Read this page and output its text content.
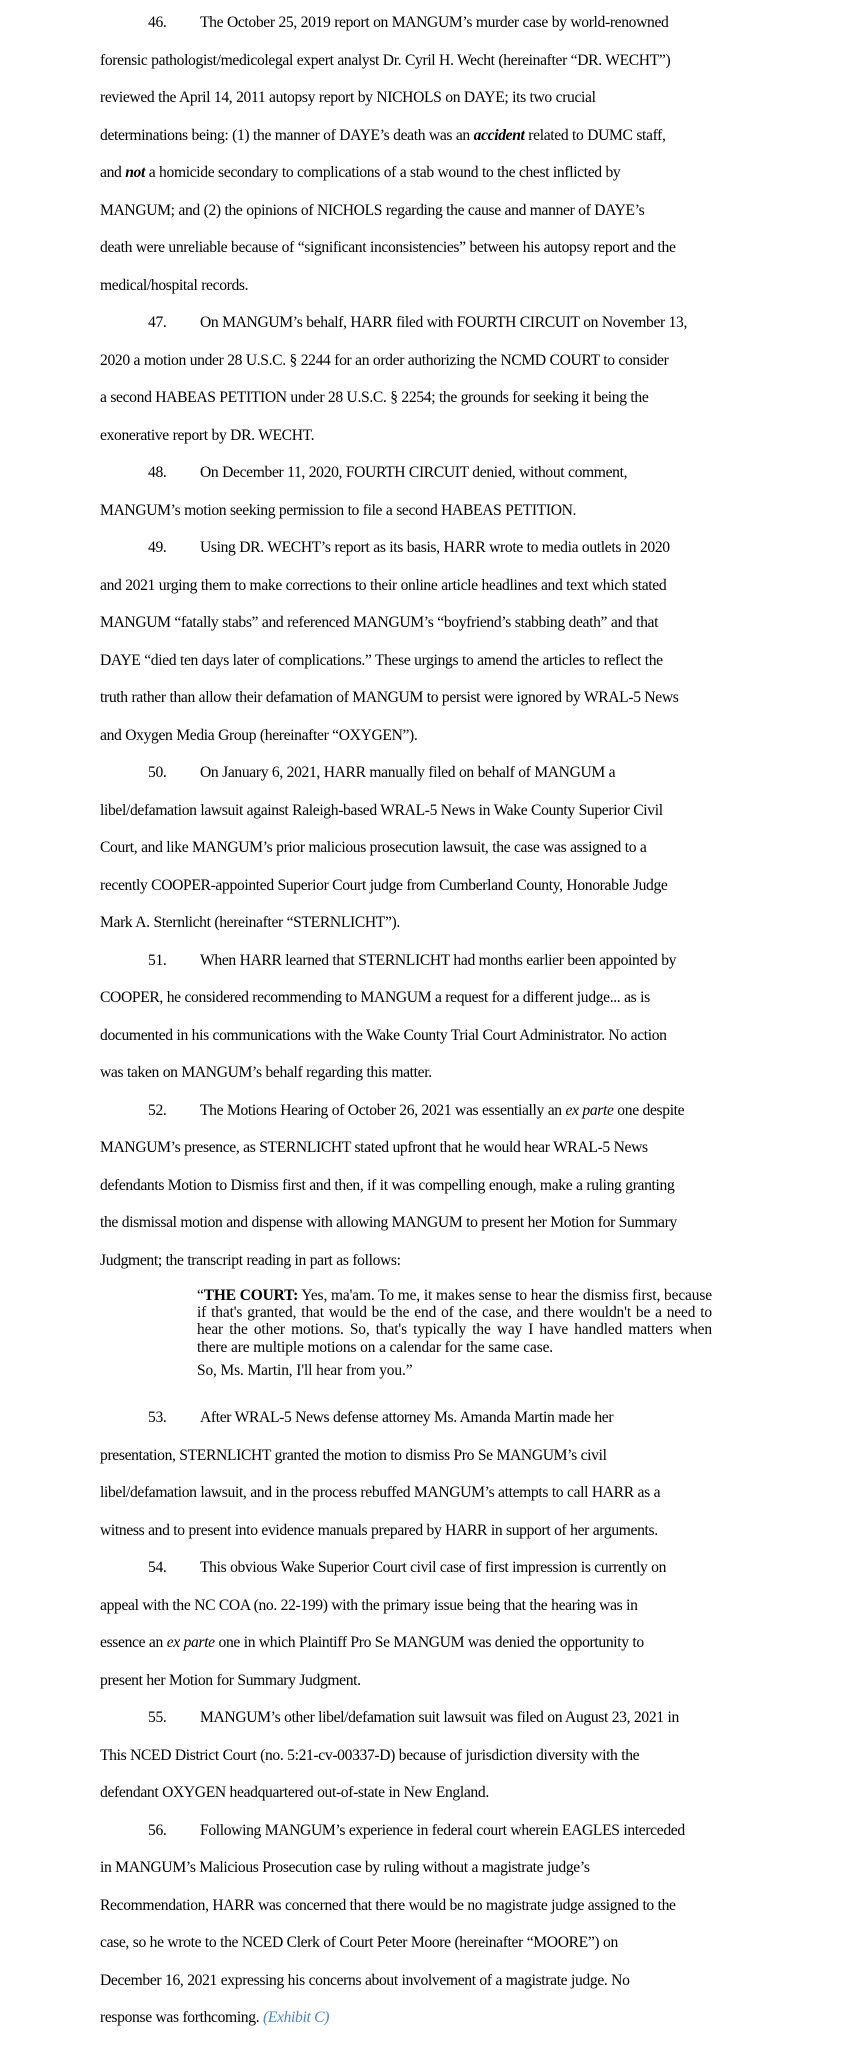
46. The October 25, 2019 report on MANGUM’s murder case by world-renowned
forensic pathologist/medicolegal expert analyst Dr. Cyril H. Wecht (hereinafter “DR. WECHT”)
reviewed the April 14, 2011 autopsy report by NICHOLS on DAYE; its two crucial
determinations being: (1) the manner of DAYE’s death was an accident related to DUMC staff,
and not a homicide secondary to complications of a stab wound to the chest inflicted by
MANGUM; and (2) the opinions of NICHOLS regarding the cause and manner of DAYE’s
death were unreliable because of “significant inconsistencies” between his autopsy report and the
medical/hospital records.
47. On MANGUM’s behalf, HARR filed with FOURTH CIRCUIT on November 13,
2020 a motion under 28 U.S.C. § 2244 for an order authorizing the NCMD COURT to consider
a second HABEAS PETITION under 28 U.S.C. § 2254; the grounds for seeking it being the
exonerative report by DR. WECHT.
48. On December 11, 2020, FOURTH CIRCUIT denied, without comment,
MANGUM’s motion seeking permission to file a second HABEAS PETITION.
49. Using DR. WECHT’s report as its basis, HARR wrote to media outlets in 2020
and 2021 urging them to make corrections to their online article headlines and text which stated
MANGUM “fatally stabs” and referenced MANGUM’s “boyfriend’s stabbing death” and that
DAYE “died ten days later of complications.” These urgings to amend the articles to reflect the
truth rather than allow their defamation of MANGUM to persist were ignored by WRAL-5 News
and Oxygen Media Group (hereinafter “OXYGEN”).
50. On January 6, 2021, HARR manually filed on behalf of MANGUM a
libel/defamation lawsuit against Raleigh-based WRAL-5 News in Wake County Superior Civil
Court, and like MANGUM’s prior malicious prosecution lawsuit, the case was assigned to a
recently COOPER-appointed Superior Court judge from Cumberland County, Honorable Judge
Mark A. Sternlicht (hereinafter “STERNLICHT”).
51. When HARR learned that STERNLICHT had months earlier been appointed by
COOPER, he considered recommending to MANGUM a request for a different judge... as is
documented in his communications with the Wake County Trial Court Administrator. No action
was taken on MANGUM’s behalf regarding this matter.
52. The Motions Hearing of October 26, 2021 was essentially an ex parte one despite
MANGUM’s presence, as STERNLICHT stated upfront that he would hear WRAL-5 News
defendants Motion to Dismiss first and then, if it was compelling enough, make a ruling granting
the dismissal motion and dispense with allowing MANGUM to present her Motion for Summary
Judgment; the transcript reading in part as follows:

“THE COURT: Yes, ma'am. To me, it makes sense to hear the dismiss first, because if that's granted, that would be the end of the case, and there wouldn't be a need to hear the other motions. So, that's typically the way I have handled matters when there are multiple motions on a calendar for the same case.

So, Ms. Martin, I'll hear from you.”

53. After WRAL-5 News defense attorney Ms. Amanda Martin made her
presentation, STERNLICHT granted the motion to dismiss Pro Se MANGUM’s civil
libel/defamation lawsuit, and in the process rebuffed MANGUM’s attempts to call HARR as a
witness and to present into evidence manuals prepared by HARR in support of her arguments.
54. This obvious Wake Superior Court civil case of first impression is currently on
appeal with the NC COA (no. 22-199) with the primary issue being that the hearing was in
essence an ex parte one in which Plaintiff Pro Se MANGUM was denied the opportunity to
present her Motion for Summary Judgment.
55. MANGUM’s other libel/defamation suit lawsuit was filed on August 23, 2021 in
This NCED District Court (no. 5:21-cv-00337-D) because of jurisdiction diversity with the
defendant OXYGEN headquartered out-of-state in New England.
56. Following MANGUM’s experience in federal court wherein EAGLES interceded
in MANGUM’s Malicious Prosecution case by ruling without a magistrate judge’s
Recommendation, HARR was concerned that there would be no magistrate judge assigned to the
case, so he wrote to the NCED Clerk of Court Peter Moore (hereinafter “MOORE”) on
December 16, 2021 expressing his concerns about involvement of a magistrate judge. No
response was forthcoming. (Exhibit C)
